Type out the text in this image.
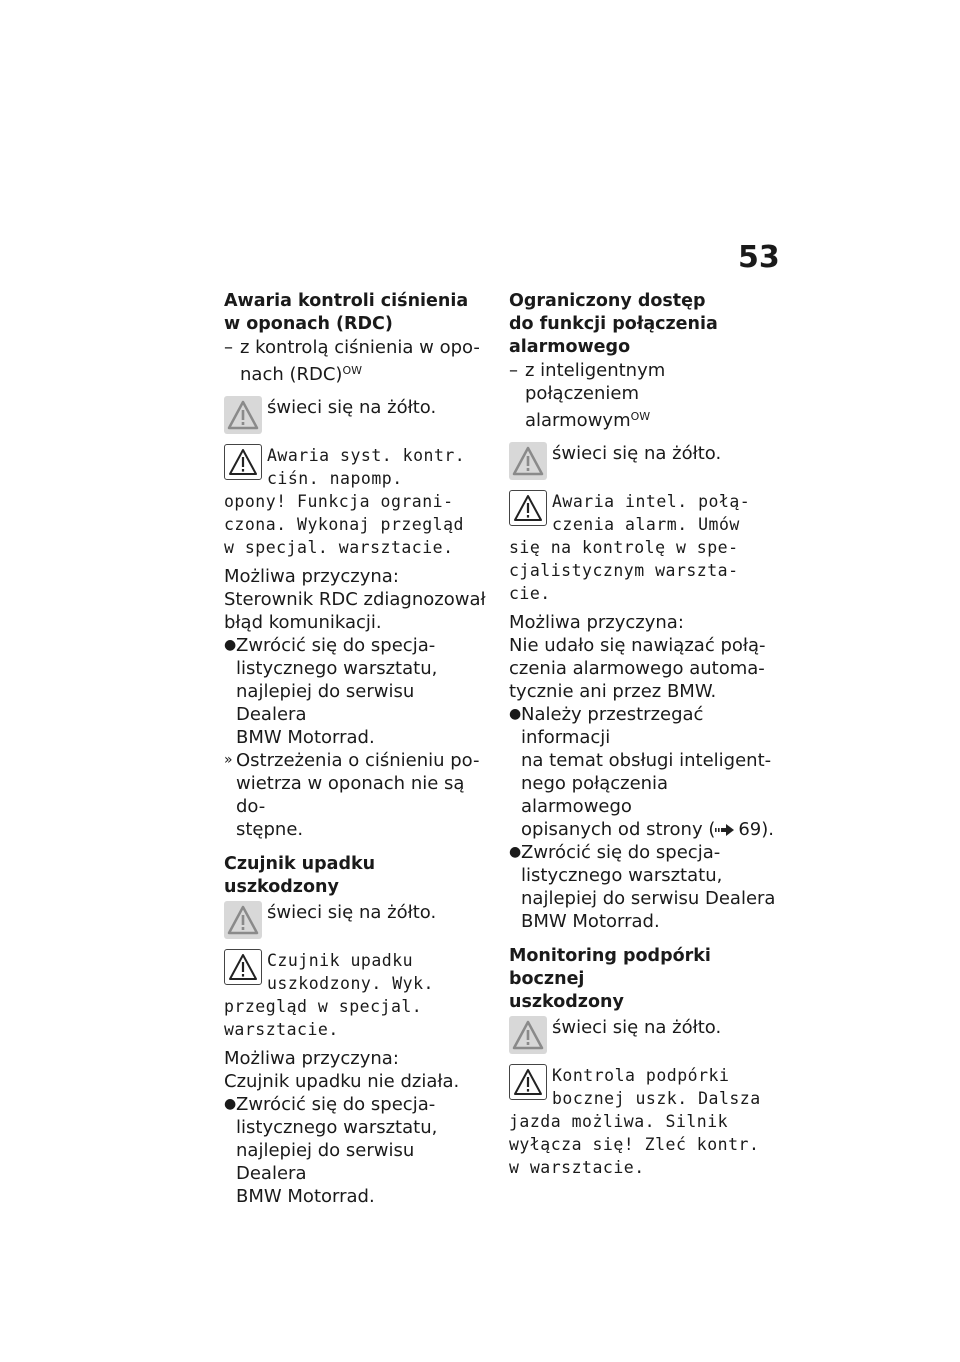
53
Awaria kontroli ciśnienia
w oponach (RDC)
– z kontrolą ciśnienia w opo-
nach (RDC)$^{OW}$
świeci się na żółto.
Awaria syst. kontr.
ciśn. napomp.
opony! Funkcja ograni-
czona. Wykonaj przegląd
w specjal. warsztacie.
Możliwa przyczyna:
Sterownik RDC zdiagnozował
błąd komunikacji.
● Zwrócić się do specja-
listycznego warsztatu,
najlepiej do serwisu Dealera
BMW Motorrad.
» Ostrzeżenia o ciśnieniu po-
wietrza w oponach nie są do-
stępne.
Czujnik upadku uszkodzony
świeci się na żółto.
Czujnik upadku
uszkodzony. Wyk.
przegląd w specjal.
warsztacie.
Możliwa przyczyna:
Czujnik upadku nie działa.
● Zwrócić się do specja-
listycznego warsztatu,
najlepiej do serwisu Dealera
BMW Motorrad.
Ograniczony dostęp
do funkcji połączenia
alarmowego
– z inteligentnym połączeniem
alarmowym$^{OW}$
świeci się na żółto.
Awaria intel. połą-
czenia alarm. Umów
się na kontrolę w spe-
cjalistycznym warszta-
cie.
Możliwa przyczyna:
Nie udało się nawiązać połą-
czenia alarmowego automa-
tycznie ani przez BMW.
● Należy przestrzegać informacji
na temat obsługi inteligent-
nego połączenia alarmowego
opisanych od strony ( 69).
● Zwrócić się do specja-
listycznego warsztatu,
najlepiej do serwisu Dealera
BMW Motorrad.
Monitoring podpórki bocznej
uszkodzony
świeci się na żółto.
Kontrola podpórki
bocznej uszk. Dalsza
jazda możliwa. Silnik
wyłącza się! Zleć kontr.
w warsztacie.
